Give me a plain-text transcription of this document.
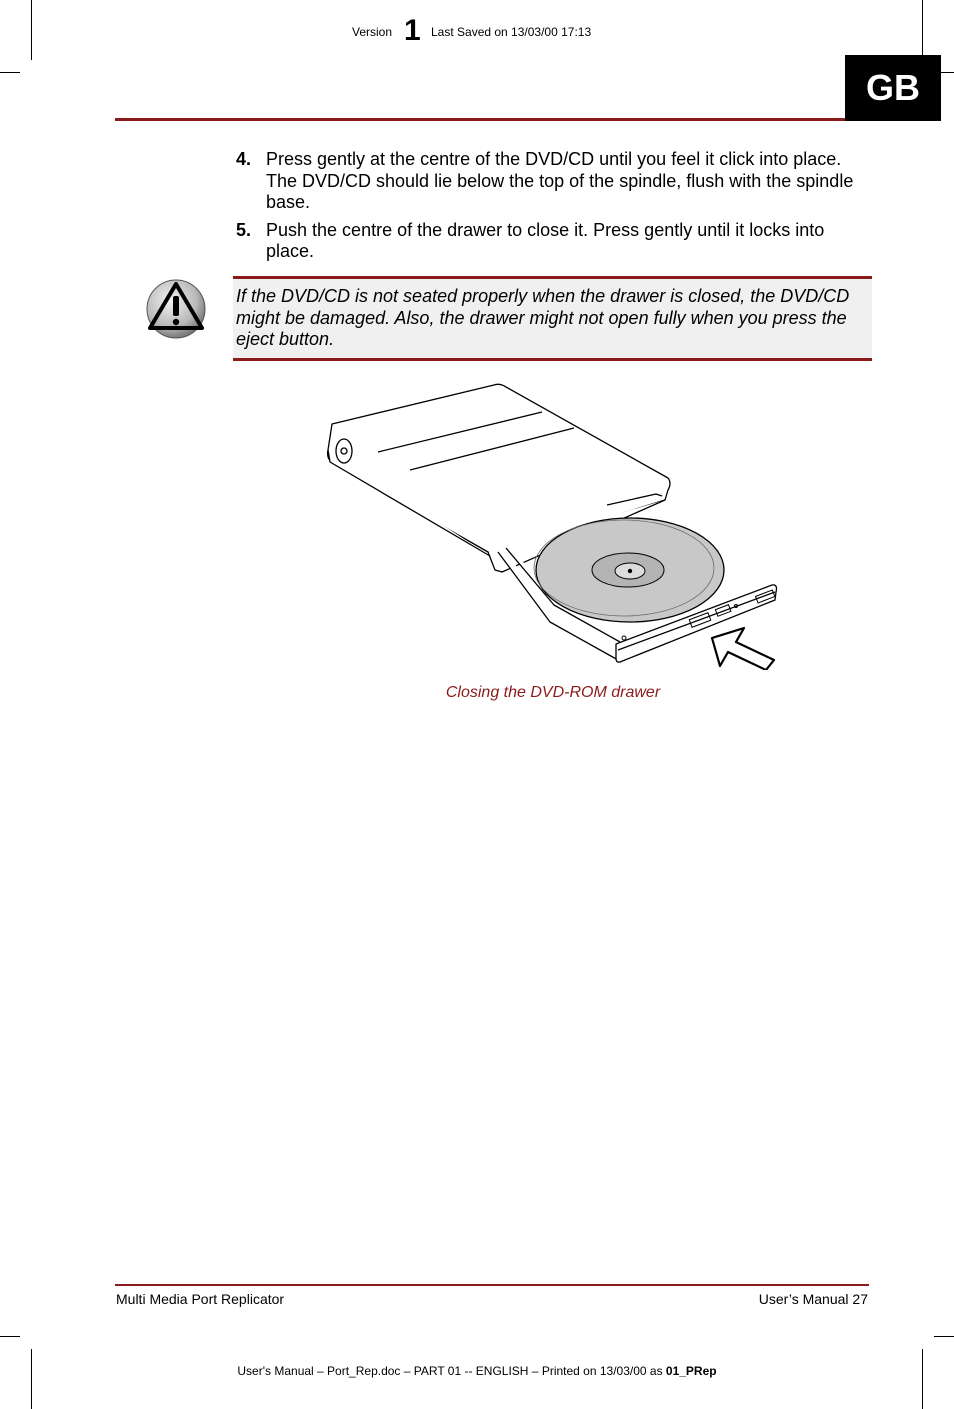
Version 1 Last Saved on 13/03/00 17:13
GB
4. Press gently at the centre of the DVD/CD until you feel it click into place. The DVD/CD should lie below the top of the spindle, flush with the spindle base.
5. Push the centre of the drawer to close it. Press gently until it locks into place.
If the DVD/CD is not seated properly when the drawer is closed, the DVD/CD might be damaged. Also, the drawer might not open fully when you press the eject button.
Closing the DVD-ROM drawer
Multi Media Port Replicator	User’s Manual 27
User's Manual – Port_Rep.doc – PART 01 -- ENGLISH – Printed on 13/03/00 as 01_PRep
